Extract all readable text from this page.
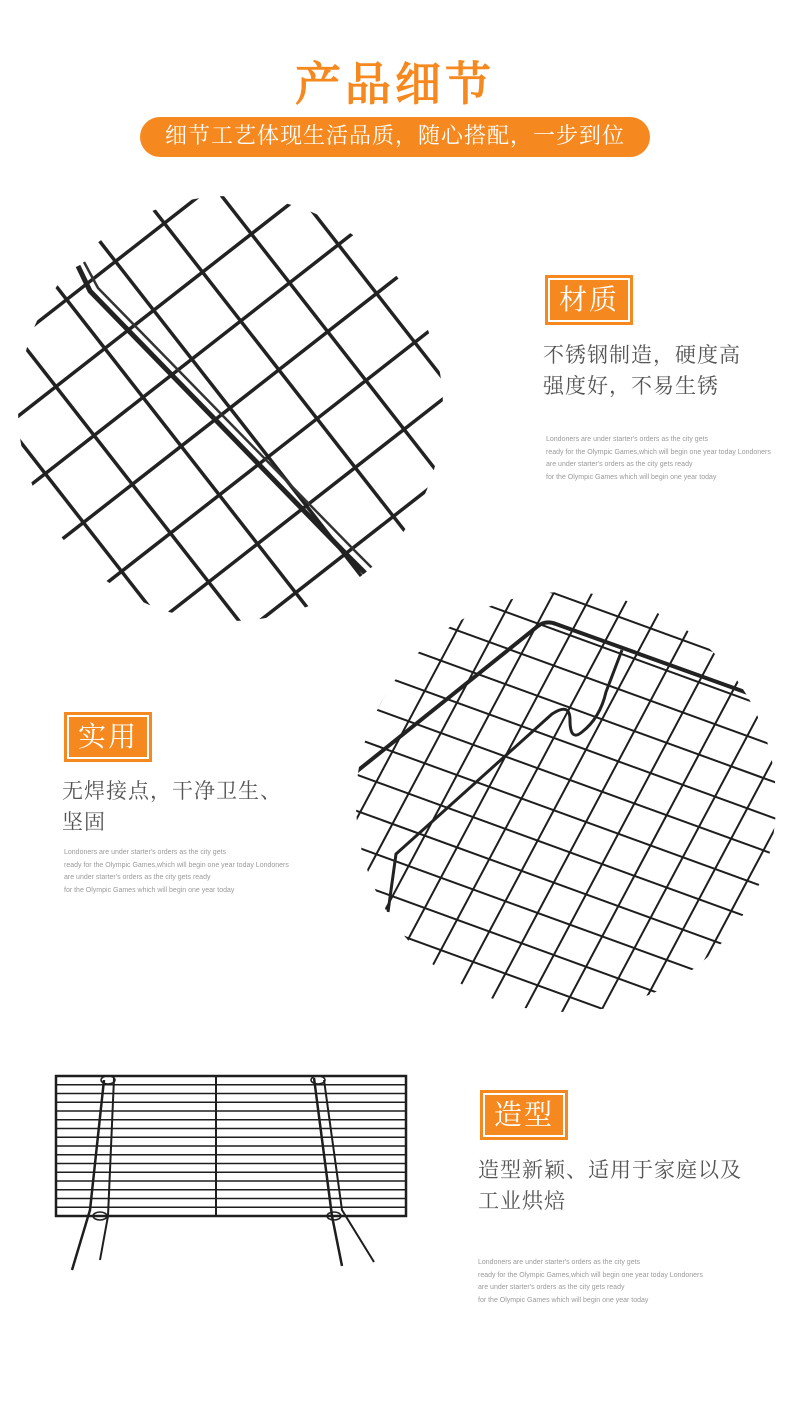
产品细节
细节工艺体现生活品质，随心搭配，一步到位
材质
不锈钢制造，硬度高
强度好，不易生锈
Londoners are under starter's orders as the city gets
ready for the Olympic Games,which will begin one year today Londoners
are under starter's orders as the city gets ready
for the Olympic Games which will begin one year today
实用
无焊接点，干净卫生、
坚固
Londoners are under starter's orders as the city gets
ready for the Olympic Games,which will begin one year today Londoners
are under starter's orders as the city gets ready
for the Olympic Games which will begin one year today
造型
造型新颖、适用于家庭以及
工业烘焙
Londoners are under starter's orders as the city gets
ready for the Olympic Games,which will begin one year today Londoners
are under starter's orders as the city gets ready
for the Olympic Games which will begin one year today
